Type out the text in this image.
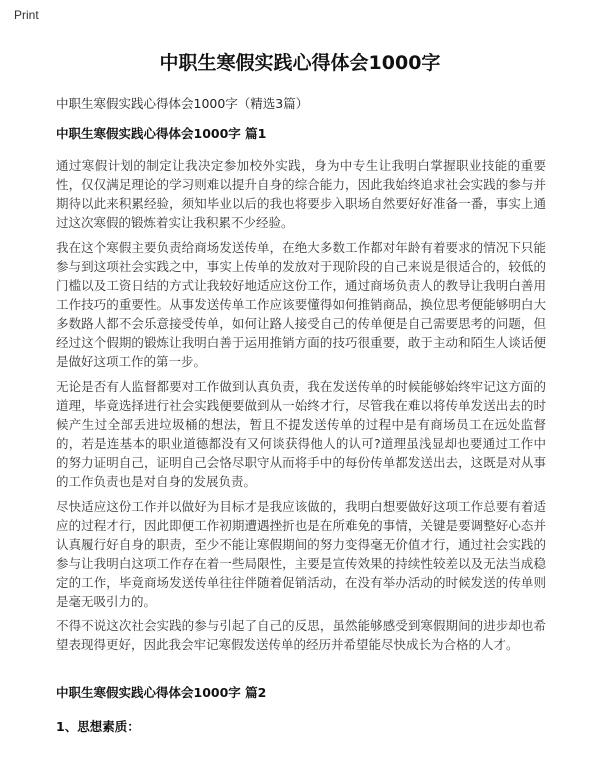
Print
中职生寒假实践心得体会1000字
中职生寒假实践心得体会1000字（精选3篇）
中职生寒假实践心得体会1000字 篇1

通过寒假计划的制定让我决定参加校外实践，身为中专生让我明白掌握职业技能的重要性，仅仅满足理论的学习则难以提升自身的综合能力，因此我始终追求社会实践的参与并期待以此来积累经验，须知毕业以后的我也将要步入职场自然要好好准备一番，事实上通过这次寒假的锻炼着实让我积累不少经验。

我在这个寒假主要负责给商场发送传单，在绝大多数工作都对年龄有着要求的情况下只能参与到这项社会实践之中，事实上传单的发放对于现阶段的自己来说是很适合的，较低的门槛以及工资日结的方式让我较好地适应这份工作，通过商场负责人的教导让我明白善用工作技巧的重要性。从事发送传单工作应该要懂得如何推销商品，换位思考便能够明白大多数路人都不会乐意接受传单，如何让路人接受自己的传单便是自己需要思考的问题，但经过这个假期的锻炼让我明白善于运用推销方面的技巧很重要，敢于主动和陌生人谈话便是做好这项工作的第一步。

无论是否有人监督都要对工作做到认真负责，我在发送传单的时候能够始终牢记这方面的道理，毕竟选择进行社会实践便要做到从一始终才行，尽管我在难以将传单发送出去的时候产生过全部丢进垃圾桶的想法，暂且不提发送传单的过程中是有商场员工在远处监督的，若是连基本的职业道德都没有又何谈获得他人的认可?道理虽浅显却也要通过工作中的努力证明自己，证明自己会恪尽职守从而将手中的每份传单都发送出去，这既是对从事的工作负责也是对自身的发展负责。

尽快适应这份工作并以做好为目标才是我应该做的，我明白想要做好这项工作总要有着适应的过程才行，因此即便工作初期遭遇挫折也是在所难免的事情，关键是要调整好心态并认真履行好自身的职责，至少不能让寒假期间的努力变得毫无价值才行，通过社会实践的参与让我明白这项工作存在着一些局限性，主要是宣传效果的持续性较差以及无法当成稳定的工作，毕竟商场发送传单往往伴随着促销活动，在没有举办活动的时候发送的传单则是毫无吸引力的。

不得不说这次社会实践的参与引起了自己的反思，虽然能够感受到寒假期间的进步却也希望表现得更好，因此我会牢记寒假发送传单的经历并希望能尽快成长为合格的人才。

中职生寒假实践心得体会1000字 篇2
1、思想素质：
